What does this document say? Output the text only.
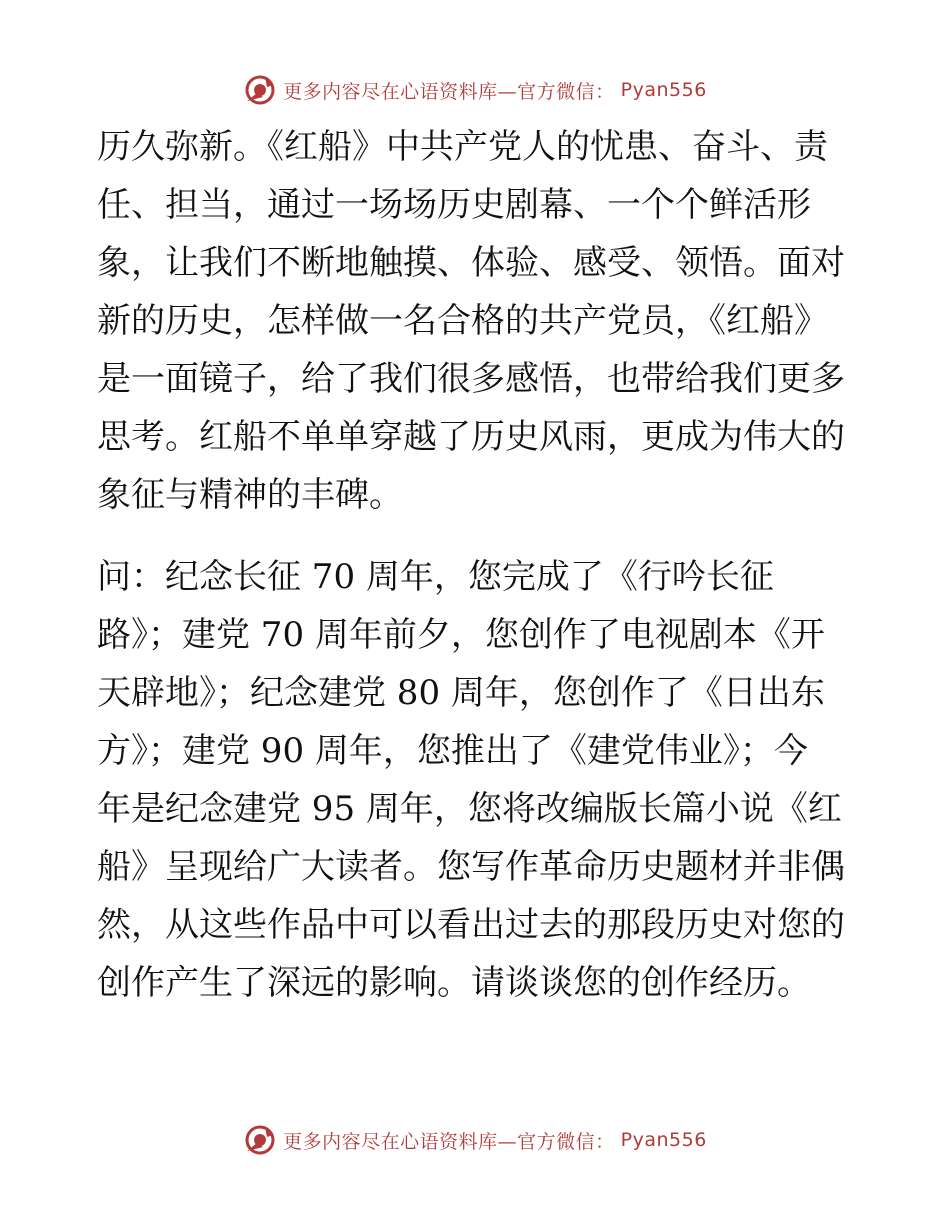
更多内容尽在心语资料库—官方微信： Pyan556
历久弥新。《红船》中共产党人的忧患、奋斗、责
任、担当，通过一场场历史剧幕、一个个鲜活形
象，让我们不断地触摸、体验、感受、领悟。面对
新的历史，怎样做一名合格的共产党员，《红船》
是一面镜子，给了我们很多感悟，也带给我们更多
思考。红船不单单穿越了历史风雨，更成为伟大的
象征与精神的丰碑。
问：纪念长征 70 周年，您完成了《行吟长征
路》；建党 70 周年前夕，您创作了电视剧本《开
天辟地》；纪念建党 80 周年，您创作了《日出东
方》；建党 90 周年，您推出了《建党伟业》；今
年是纪念建党 95 周年，您将改编版长篇小说《红
船》呈现给广大读者。您写作革命历史题材并非偶
然，从这些作品中可以看出过去的那段历史对您的
创作产生了深远的影响。请谈谈您的创作经历。
更多内容尽在心语资料库—官方微信： Pyan556
